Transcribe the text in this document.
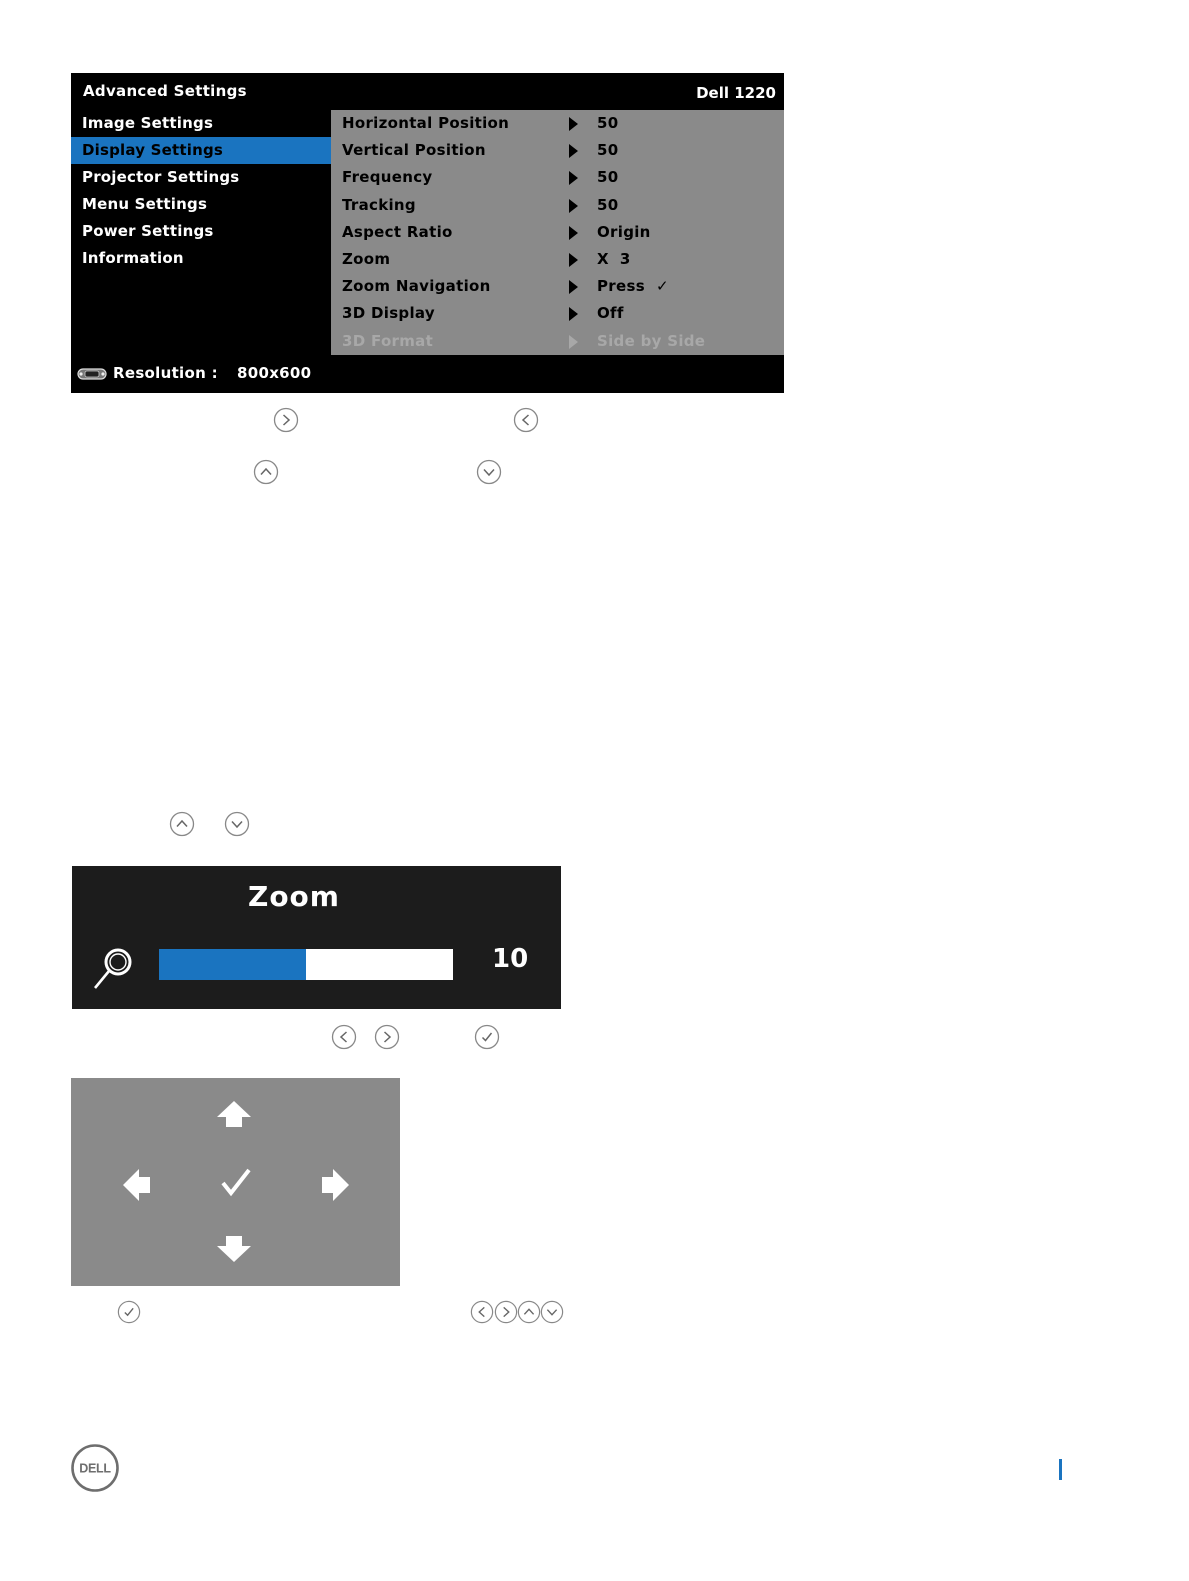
Advanced Settings	Dell 1220
Image Settings
Display Settings
Projector Settings
Menu Settings
Power Settings
Information
Horizontal Position	50
Vertical Position	50
Frequency	50
Tracking	50
Aspect Ratio	Origin
Zoom	X  3
Zoom Navigation	Press  ✓
3D Display	Off
3D Format	Side by Side
Resolution : 800x600
Zoom
10
DELL
